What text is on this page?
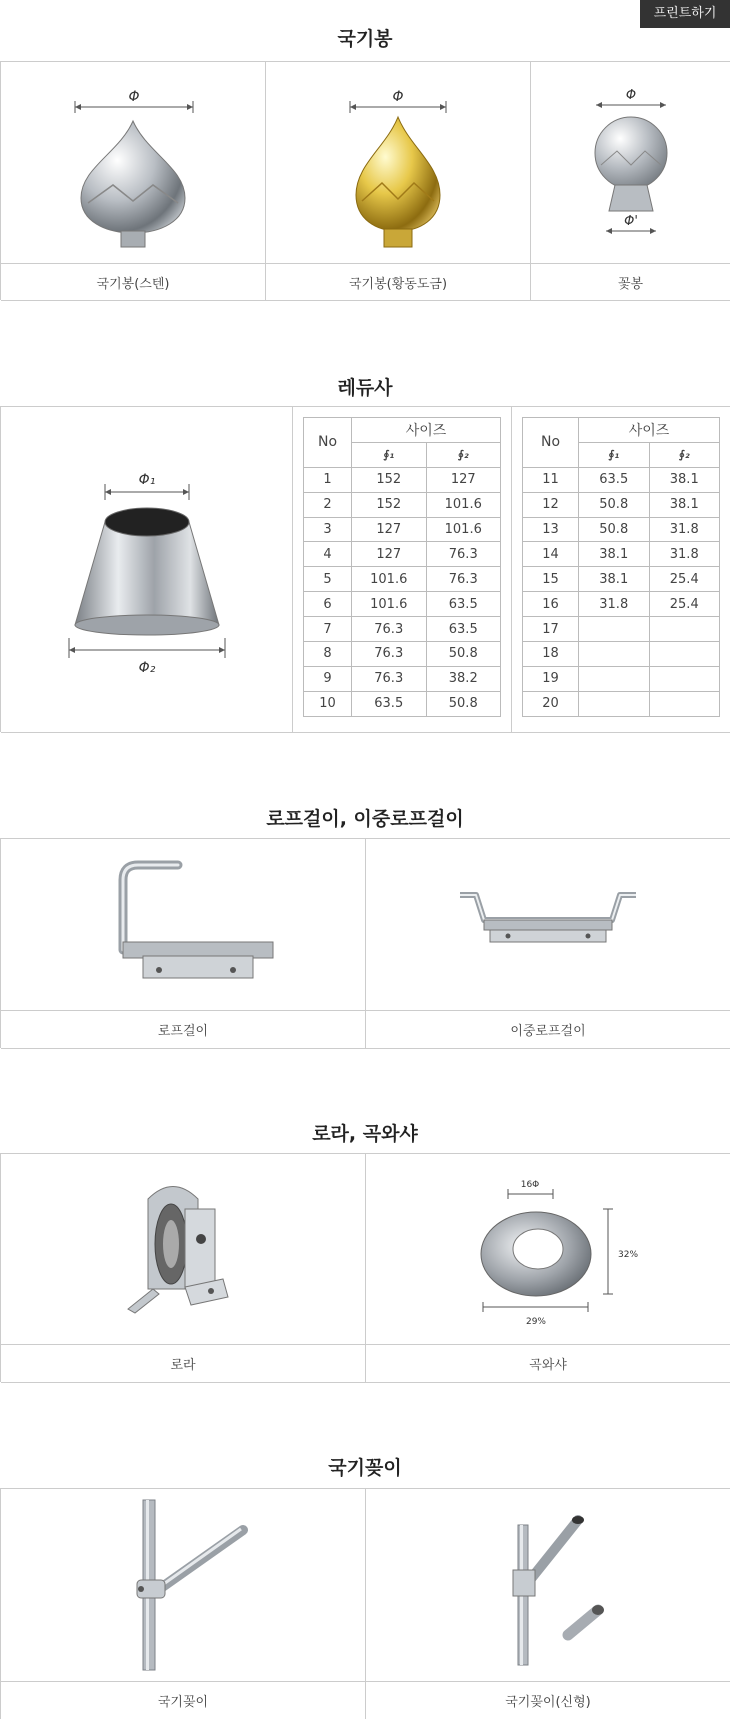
프린트하기
국기봉
Φ	Φ	Φ
Φ'
국기봉(스텐)	국기봉(황동도금)	꽃봉
레듀사
Φ₁
Φ₂
No	사이즈	
	∮₁	∮₂
1	152	127
2	152	101.6
3	127	101.6
4	127	76.3
5	101.6	76.3
6	101.6	63.5
7	76.3	63.5
8	76.3	50.8
9	76.3	38.2
10	63.5	50.8
No	사이즈	
	∮₁	∮₂
11	63.5	38.1
12	50.8	38.1
13	50.8	31.8
14	38.1	31.8
15	38.1	25.4
16	31.8	25.4
17		
18		
19		
20		
로프걸이, 이중로프걸이
로프걸이	이중로프걸이
로라, 곡와샤
16Φ
32%
29%
로라	곡와샤
국기꽂이
국기꽂이	국기꽂이(신형)
